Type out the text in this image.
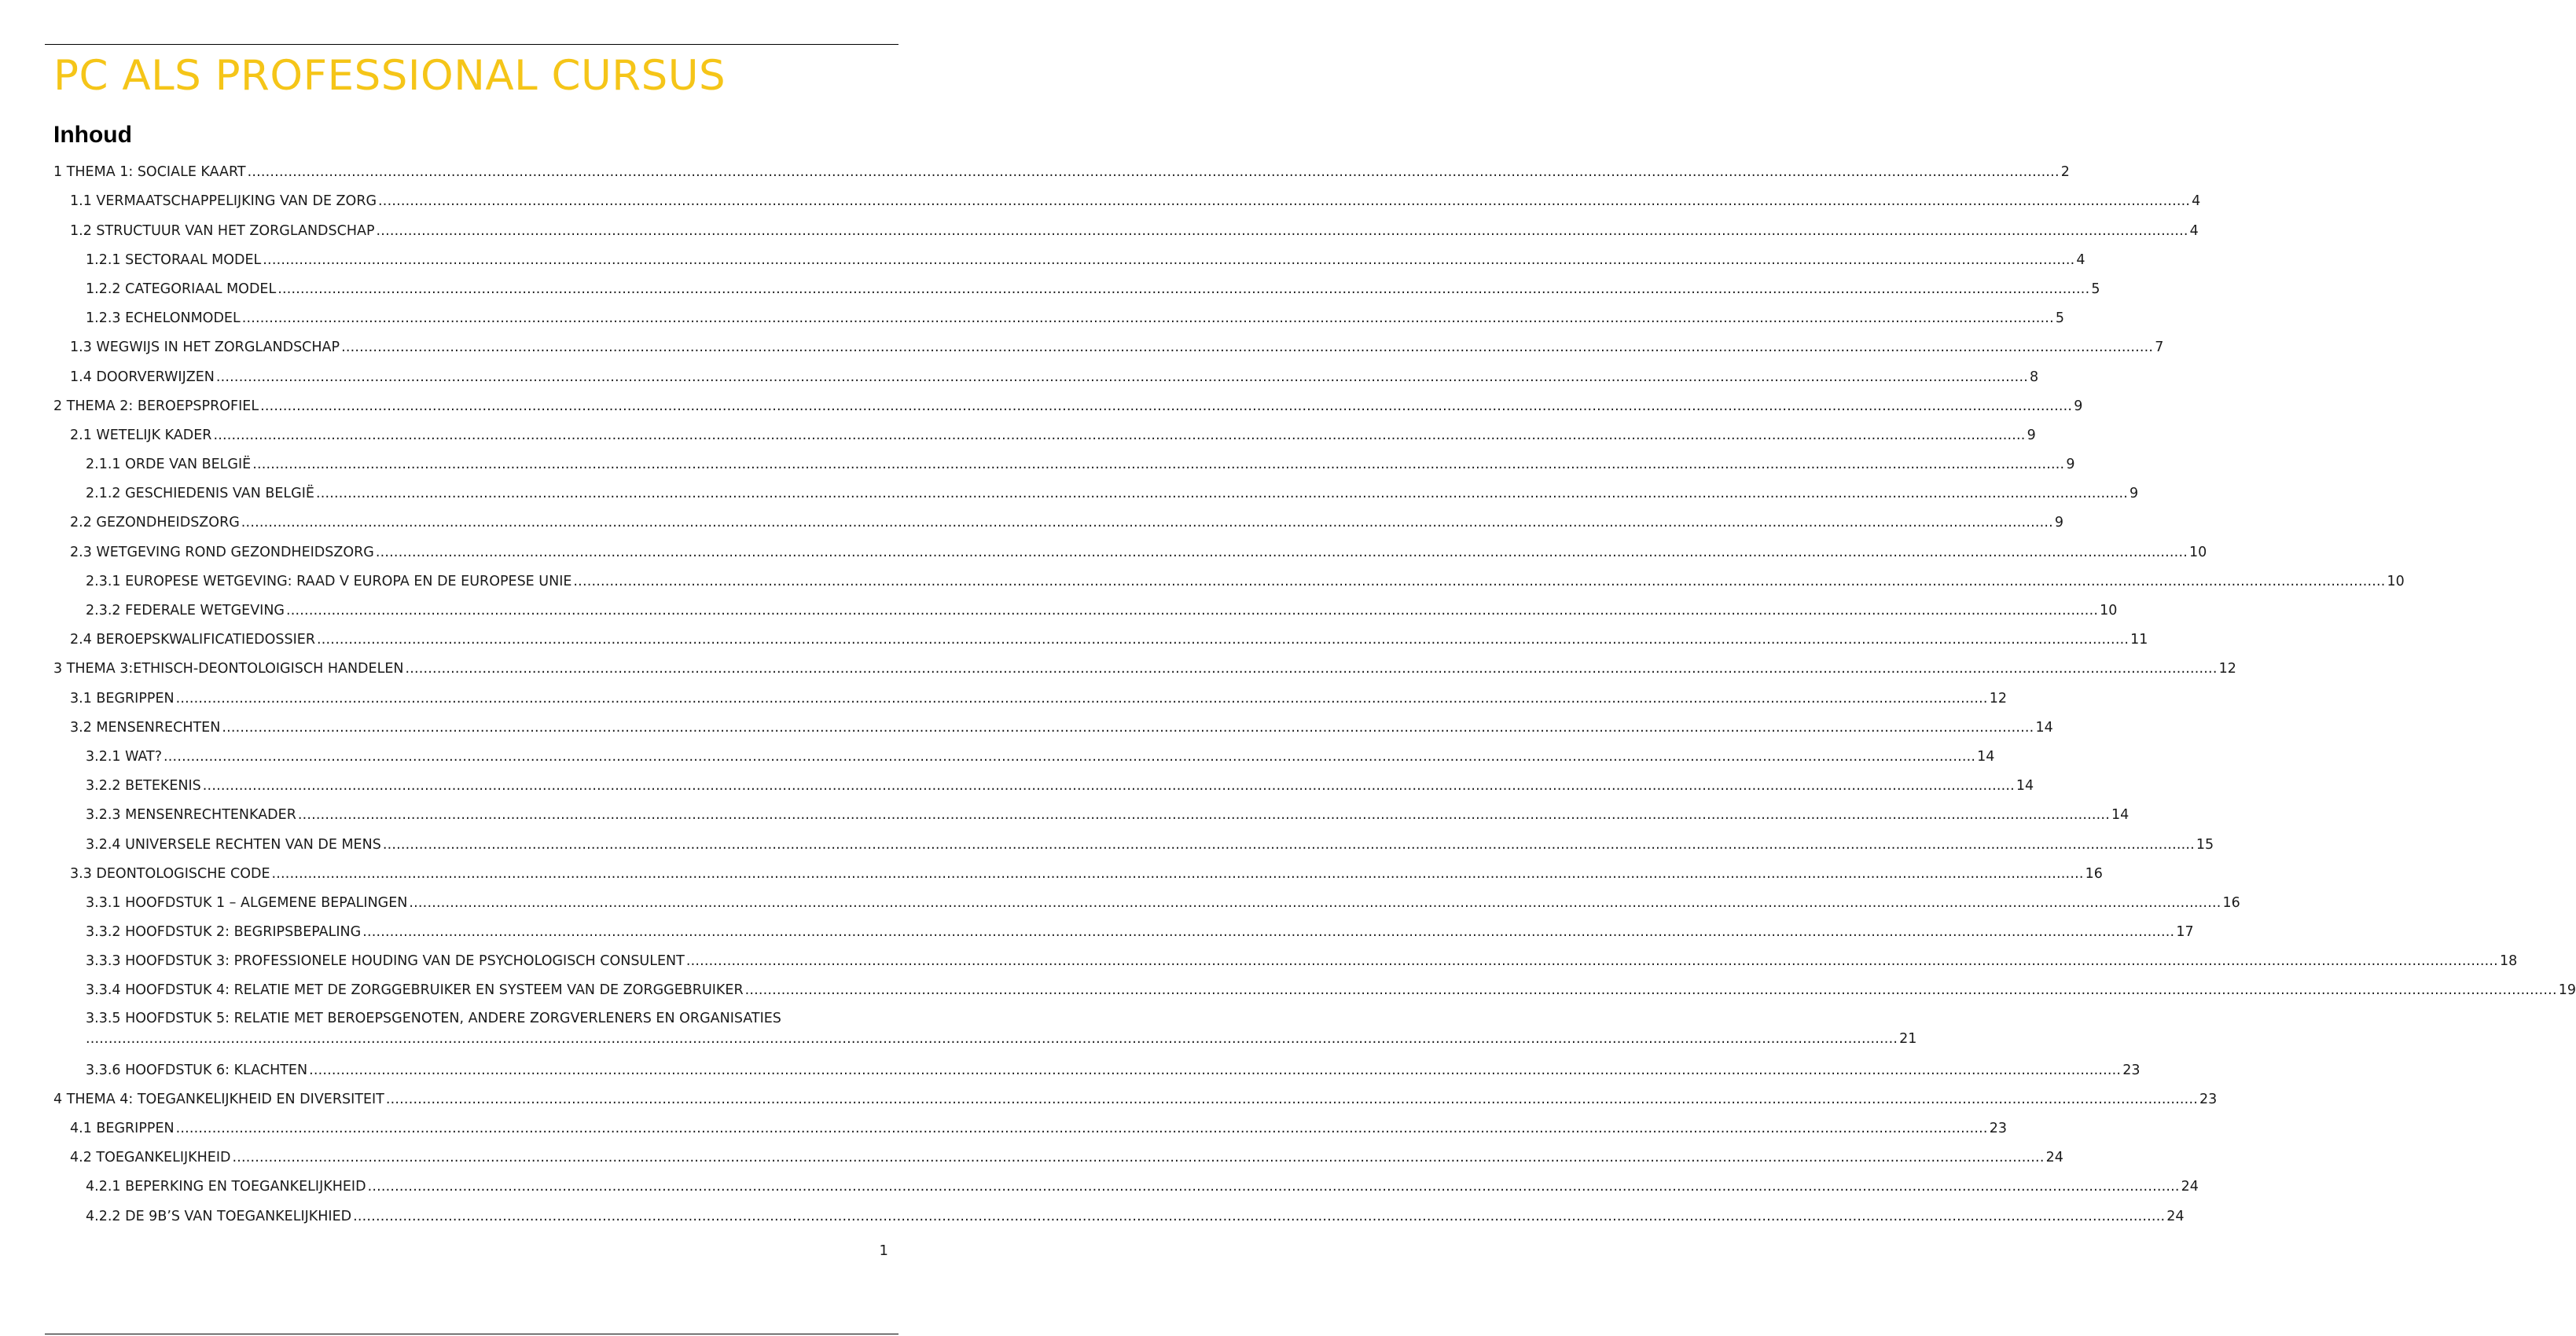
PC ALS PROFESSIONAL CURSUS
Inhoud
1 THEMA 1: SOCIALE KAART ................................................................................................................................................................................................................................................................................................................................................................................................................ 2
1.1 VERMAATSCHAPPELIJKING VAN DE ZORG ................................................................................................................................................................................................................................................................................................................................................................................................................ 4
1.2 STRUCTUUR VAN HET ZORGLANDSCHAP ................................................................................................................................................................................................................................................................................................................................................................................................................ 4
1.2.1 SECTORAAL MODEL ................................................................................................................................................................................................................................................................................................................................................................................................................ 4
1.2.2 CATEGORIAAL MODEL ................................................................................................................................................................................................................................................................................................................................................................................................................ 5
1.2.3 ECHELONMODEL ................................................................................................................................................................................................................................................................................................................................................................................................................ 5
1.3 WEGWIJS IN HET ZORGLANDSCHAP ................................................................................................................................................................................................................................................................................................................................................................................................................ 7
1.4 DOORVERWIJZEN ................................................................................................................................................................................................................................................................................................................................................................................................................ 8
2 THEMA 2: BEROEPSPROFIEL ................................................................................................................................................................................................................................................................................................................................................................................................................ 9
2.1 WETELIJK KADER ................................................................................................................................................................................................................................................................................................................................................................................................................ 9
2.1.1 ORDE VAN BELGIË ................................................................................................................................................................................................................................................................................................................................................................................................................ 9
2.1.2 GESCHIEDENIS VAN BELGIË ................................................................................................................................................................................................................................................................................................................................................................................................................ 9
2.2 GEZONDHEIDSZORG ................................................................................................................................................................................................................................................................................................................................................................................................................ 9
2.3 WETGEVING ROND GEZONDHEIDSZORG ................................................................................................................................................................................................................................................................................................................................................................................................................ 10
2.3.1 EUROPESE WETGEVING: RAAD V EUROPA EN DE EUROPESE UNIE ................................................................................................................................................................................................................................................................................................................................................................................................................ 10
2.3.2 FEDERALE WETGEVING ................................................................................................................................................................................................................................................................................................................................................................................................................ 10
2.4 BEROEPSKWALIFICATIEDOSSIER ................................................................................................................................................................................................................................................................................................................................................................................................................ 11
3 THEMA 3:ETHISCH-DEONTOLOIGISCH HANDELEN ................................................................................................................................................................................................................................................................................................................................................................................................................ 12
3.1 BEGRIPPEN ................................................................................................................................................................................................................................................................................................................................................................................................................ 12
3.2 MENSENRECHTEN ................................................................................................................................................................................................................................................................................................................................................................................................................ 14
3.2.1 WAT? ................................................................................................................................................................................................................................................................................................................................................................................................................ 14
3.2.2 BETEKENIS ................................................................................................................................................................................................................................................................................................................................................................................................................ 14
3.2.3 MENSENRECHTENKADER ................................................................................................................................................................................................................................................................................................................................................................................................................ 14
3.2.4 UNIVERSELE RECHTEN VAN DE MENS ................................................................................................................................................................................................................................................................................................................................................................................................................ 15
3.3 DEONTOLOGISCHE CODE ................................................................................................................................................................................................................................................................................................................................................................................................................ 16
3.3.1 HOOFDSTUK 1 – ALGEMENE BEPALINGEN ................................................................................................................................................................................................................................................................................................................................................................................................................ 16
3.3.2 HOOFDSTUK 2: BEGRIPSBEPALING ................................................................................................................................................................................................................................................................................................................................................................................................................ 17
3.3.3 HOOFDSTUK 3: PROFESSIONELE HOUDING VAN DE PSYCHOLOGISCH CONSULENT ................................................................................................................................................................................................................................................................................................................................................................................................................ 18
3.3.4 HOOFDSTUK 4: RELATIE MET DE ZORGGEBRUIKER EN SYSTEEM VAN DE ZORGGEBRUIKER ................................................................................................................................................................................................................................................................................................................................................................................................................ 19
3.3.5 HOOFDSTUK 5: RELATIE MET BEROEPSGENOTEN, ANDERE ZORGVERLENERS EN ORGANISATIES
................................................................................................................................................................................................................................................................................................................................................................................................................ 21
3.3.6 HOOFDSTUK 6: KLACHTEN ................................................................................................................................................................................................................................................................................................................................................................................................................ 23
4 THEMA 4: TOEGANKELIJKHEID EN DIVERSITEIT ................................................................................................................................................................................................................................................................................................................................................................................................................ 23
4.1 BEGRIPPEN ................................................................................................................................................................................................................................................................................................................................................................................................................ 23
4.2 TOEGANKELIJKHEID ................................................................................................................................................................................................................................................................................................................................................................................................................ 24
4.2.1 BEPERKING EN TOEGANKELIJKHEID ................................................................................................................................................................................................................................................................................................................................................................................................................ 24
4.2.2 DE 9B’S VAN TOEGANKELIJKHIED ................................................................................................................................................................................................................................................................................................................................................................................................................ 24
1
